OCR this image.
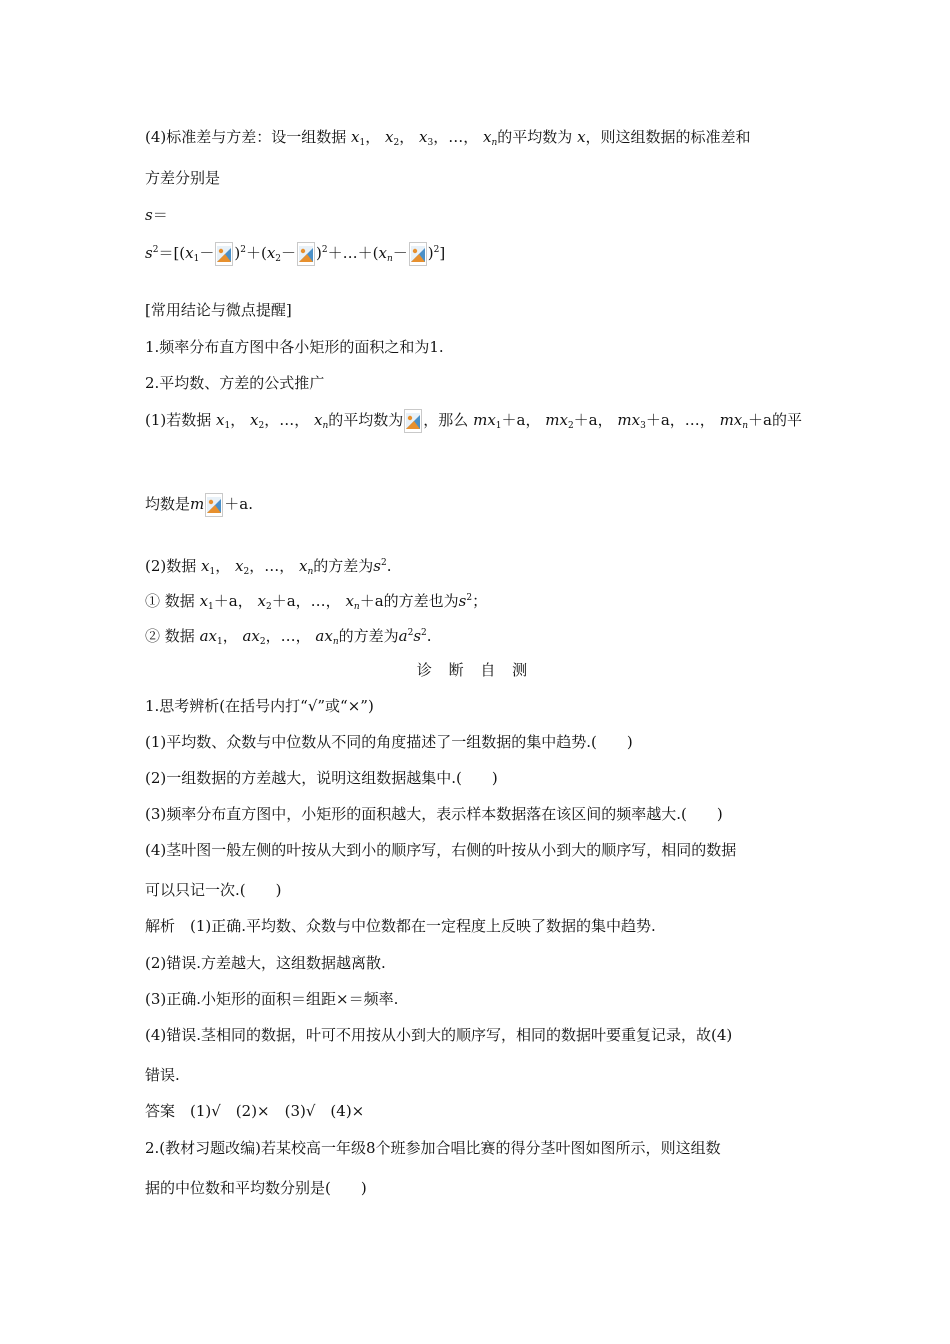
(4)标准差与方差：设一组数据 $x_1$， $x_2$， $x_3$，…， $x_n$的平均数为 x，则这组数据的标准差和
方差分别是
s＝
$s^2=[(x_1- )^2+(x_2-$ )$^2+\dots+(x_n- )^2$]
[常用结论与微点提醒]
1.频率分布直方图中各小矩形的面积之和为1.
2.平均数、方差的公式推广
(1)若数据 $x_1$， $x_2$，…， $x_n$的平均数为 ，那么 $mx_1+a$， $mx_2+a$， $mx_3+a$，…， $mx_n+a$的平
均数是m ＋a.
(2)数据 $x_1$， $x_2$，…， $x_n$的方差为$s^2$.
① 数据 $x_1+a$， $x_2+a$，…， $x_n+a$的方差也为$s^2$；
② 数据 $ax_1$， $ax_2$，…， $ax_n$的方差为$a^2s^2$.
诊 断 自 测
1.思考辨析(在括号内打“√”或“×”)
(1)平均数、众数与中位数从不同的角度描述了一组数据的集中趋势.(　　)
(2)一组数据的方差越大，说明这组数据越集中.(　　)
(3)频率分布直方图中，小矩形的面积越大，表示样本数据落在该区间的频率越大.(　　)
(4)茎叶图一般左侧的叶按从大到小的顺序写，右侧的叶按从小到大的顺序写，相同的数据
可以只记一次.(　　)
解析　(1)正确.平均数、众数与中位数都在一定程度上反映了数据的集中趋势.
(2)错误.方差越大，这组数据越离散.
(3)正确.小矩形的面积＝组距×＝频率.
(4)错误.茎相同的数据，叶可不用按从小到大的顺序写，相同的数据叶要重复记录，故(4)
错误.
答案　(1)√　(2)×　(3)√　(4)×
2.(教材习题改编)若某校高一年级8个班参加合唱比赛的得分茎叶图如图所示，则这组数
据的中位数和平均数分别是(　　)
